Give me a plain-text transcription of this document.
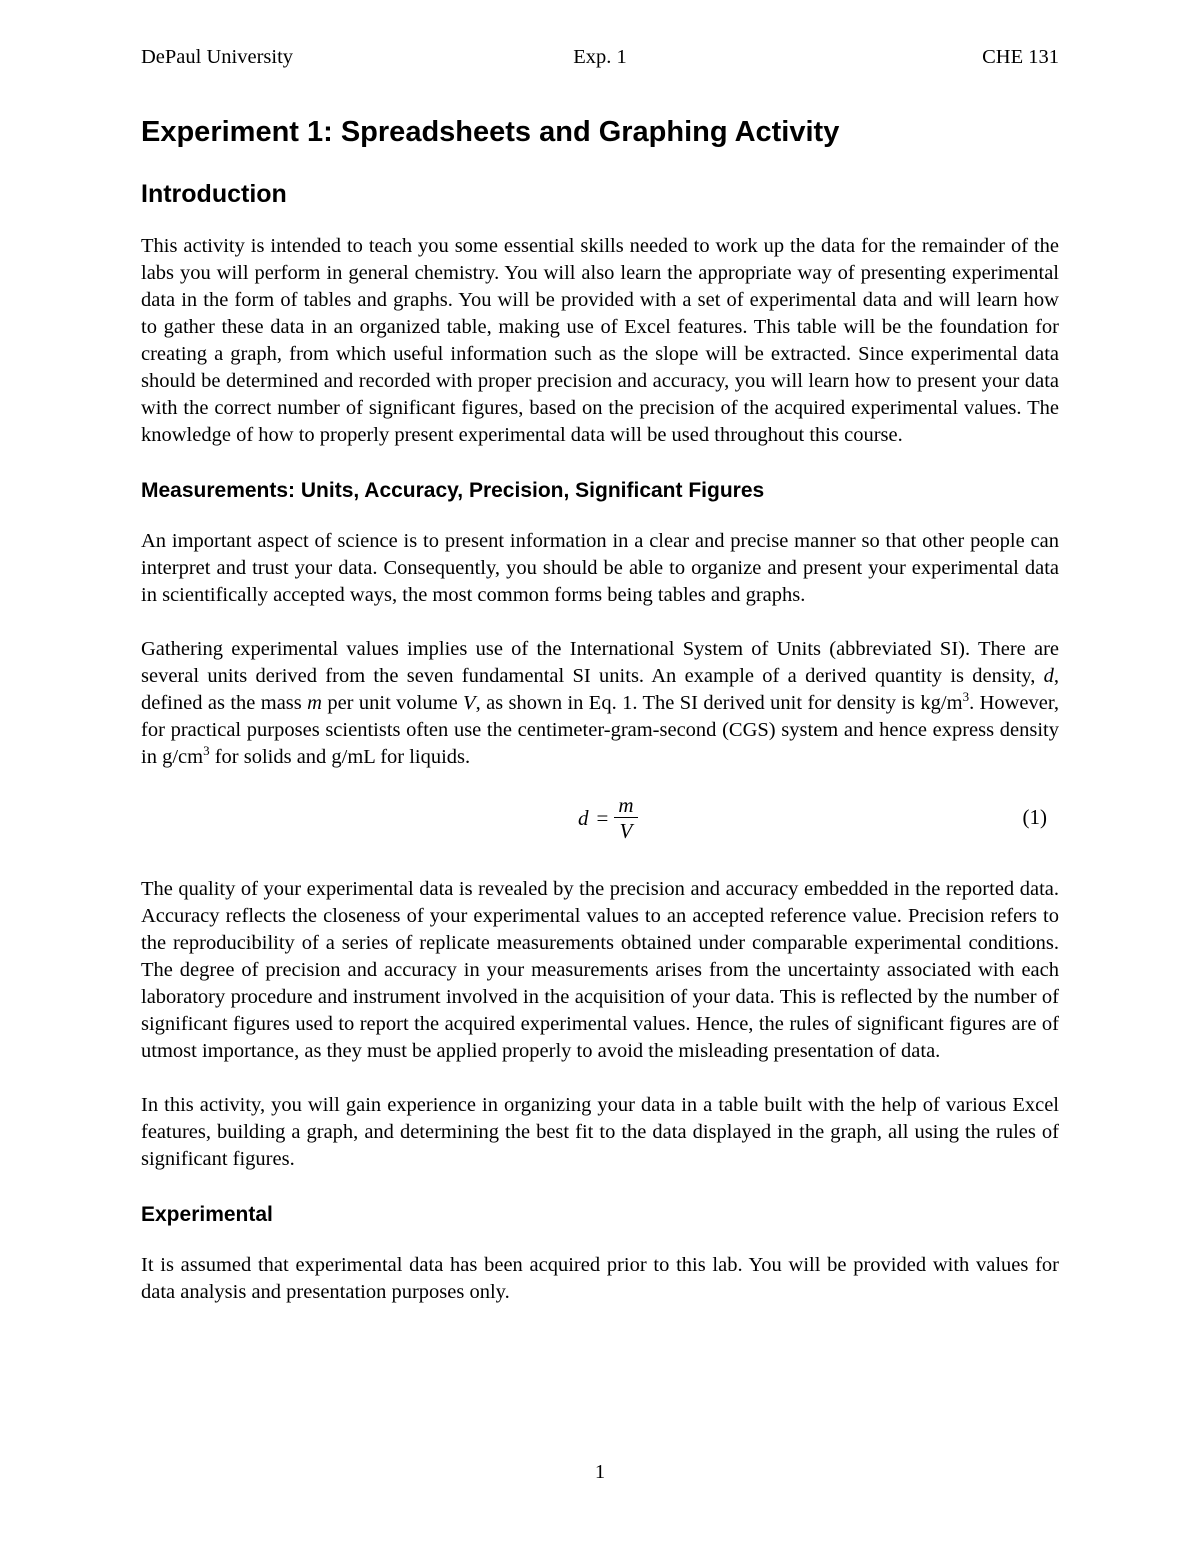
DePaul University	Exp. 1	CHE 131
Experiment 1: Spreadsheets and Graphing Activity
Introduction

This activity is intended to teach you some essential skills needed to work up the data for the remainder of the labs you will perform in general chemistry. You will also learn the appropriate way of presenting experimental data in the form of tables and graphs. You will be provided with a set of experimental data and will learn how to gather these data in an organized table, making use of Excel features. This table will be the foundation for creating a graph, from which useful information such as the slope will be extracted. Since experimental data should be determined and recorded with proper precision and accuracy, you will learn how to present your data with the correct number of significant figures, based on the precision of the acquired experimental values. The knowledge of how to properly present experimental data will be used throughout this course.

Measurements: Units, Accuracy, Precision, Significant Figures

An important aspect of science is to present information in a clear and precise manner so that other people can interpret and trust your data. Consequently, you should be able to organize and present your experimental data in scientifically accepted ways, the most common forms being tables and graphs.

Gathering experimental values implies use of the International System of Units (abbreviated SI). There are several units derived from the seven fundamental SI units. An example of a derived quantity is density, d, defined as the mass m per unit volume V, as shown in Eq. 1. The SI derived unit for density is $kg/m^3$. However, for practical purposes scientists often use the centimeter-gram-second (CGS) system and hence express density in $g/cm^3$ for solids and g/mL for liquids.

$d = \frac{m}{V}$	(1)

The quality of your experimental data is revealed by the precision and accuracy embedded in the reported data. Accuracy reflects the closeness of your experimental values to an accepted reference value. Precision refers to the reproducibility of a series of replicate measurements obtained under comparable experimental conditions. The degree of precision and accuracy in your measurements arises from the uncertainty associated with each laboratory procedure and instrument involved in the acquisition of your data. This is reflected by the number of significant figures used to report the acquired experimental values. Hence, the rules of significant figures are of utmost importance, as they must be applied properly to avoid the misleading presentation of data.

In this activity, you will gain experience in organizing your data in a table built with the help of various Excel features, building a graph, and determining the best fit to the data displayed in the graph, all using the rules of significant figures.

Experimental

It is assumed that experimental data has been acquired prior to this lab. You will be provided with values for data analysis and presentation purposes only.

1
